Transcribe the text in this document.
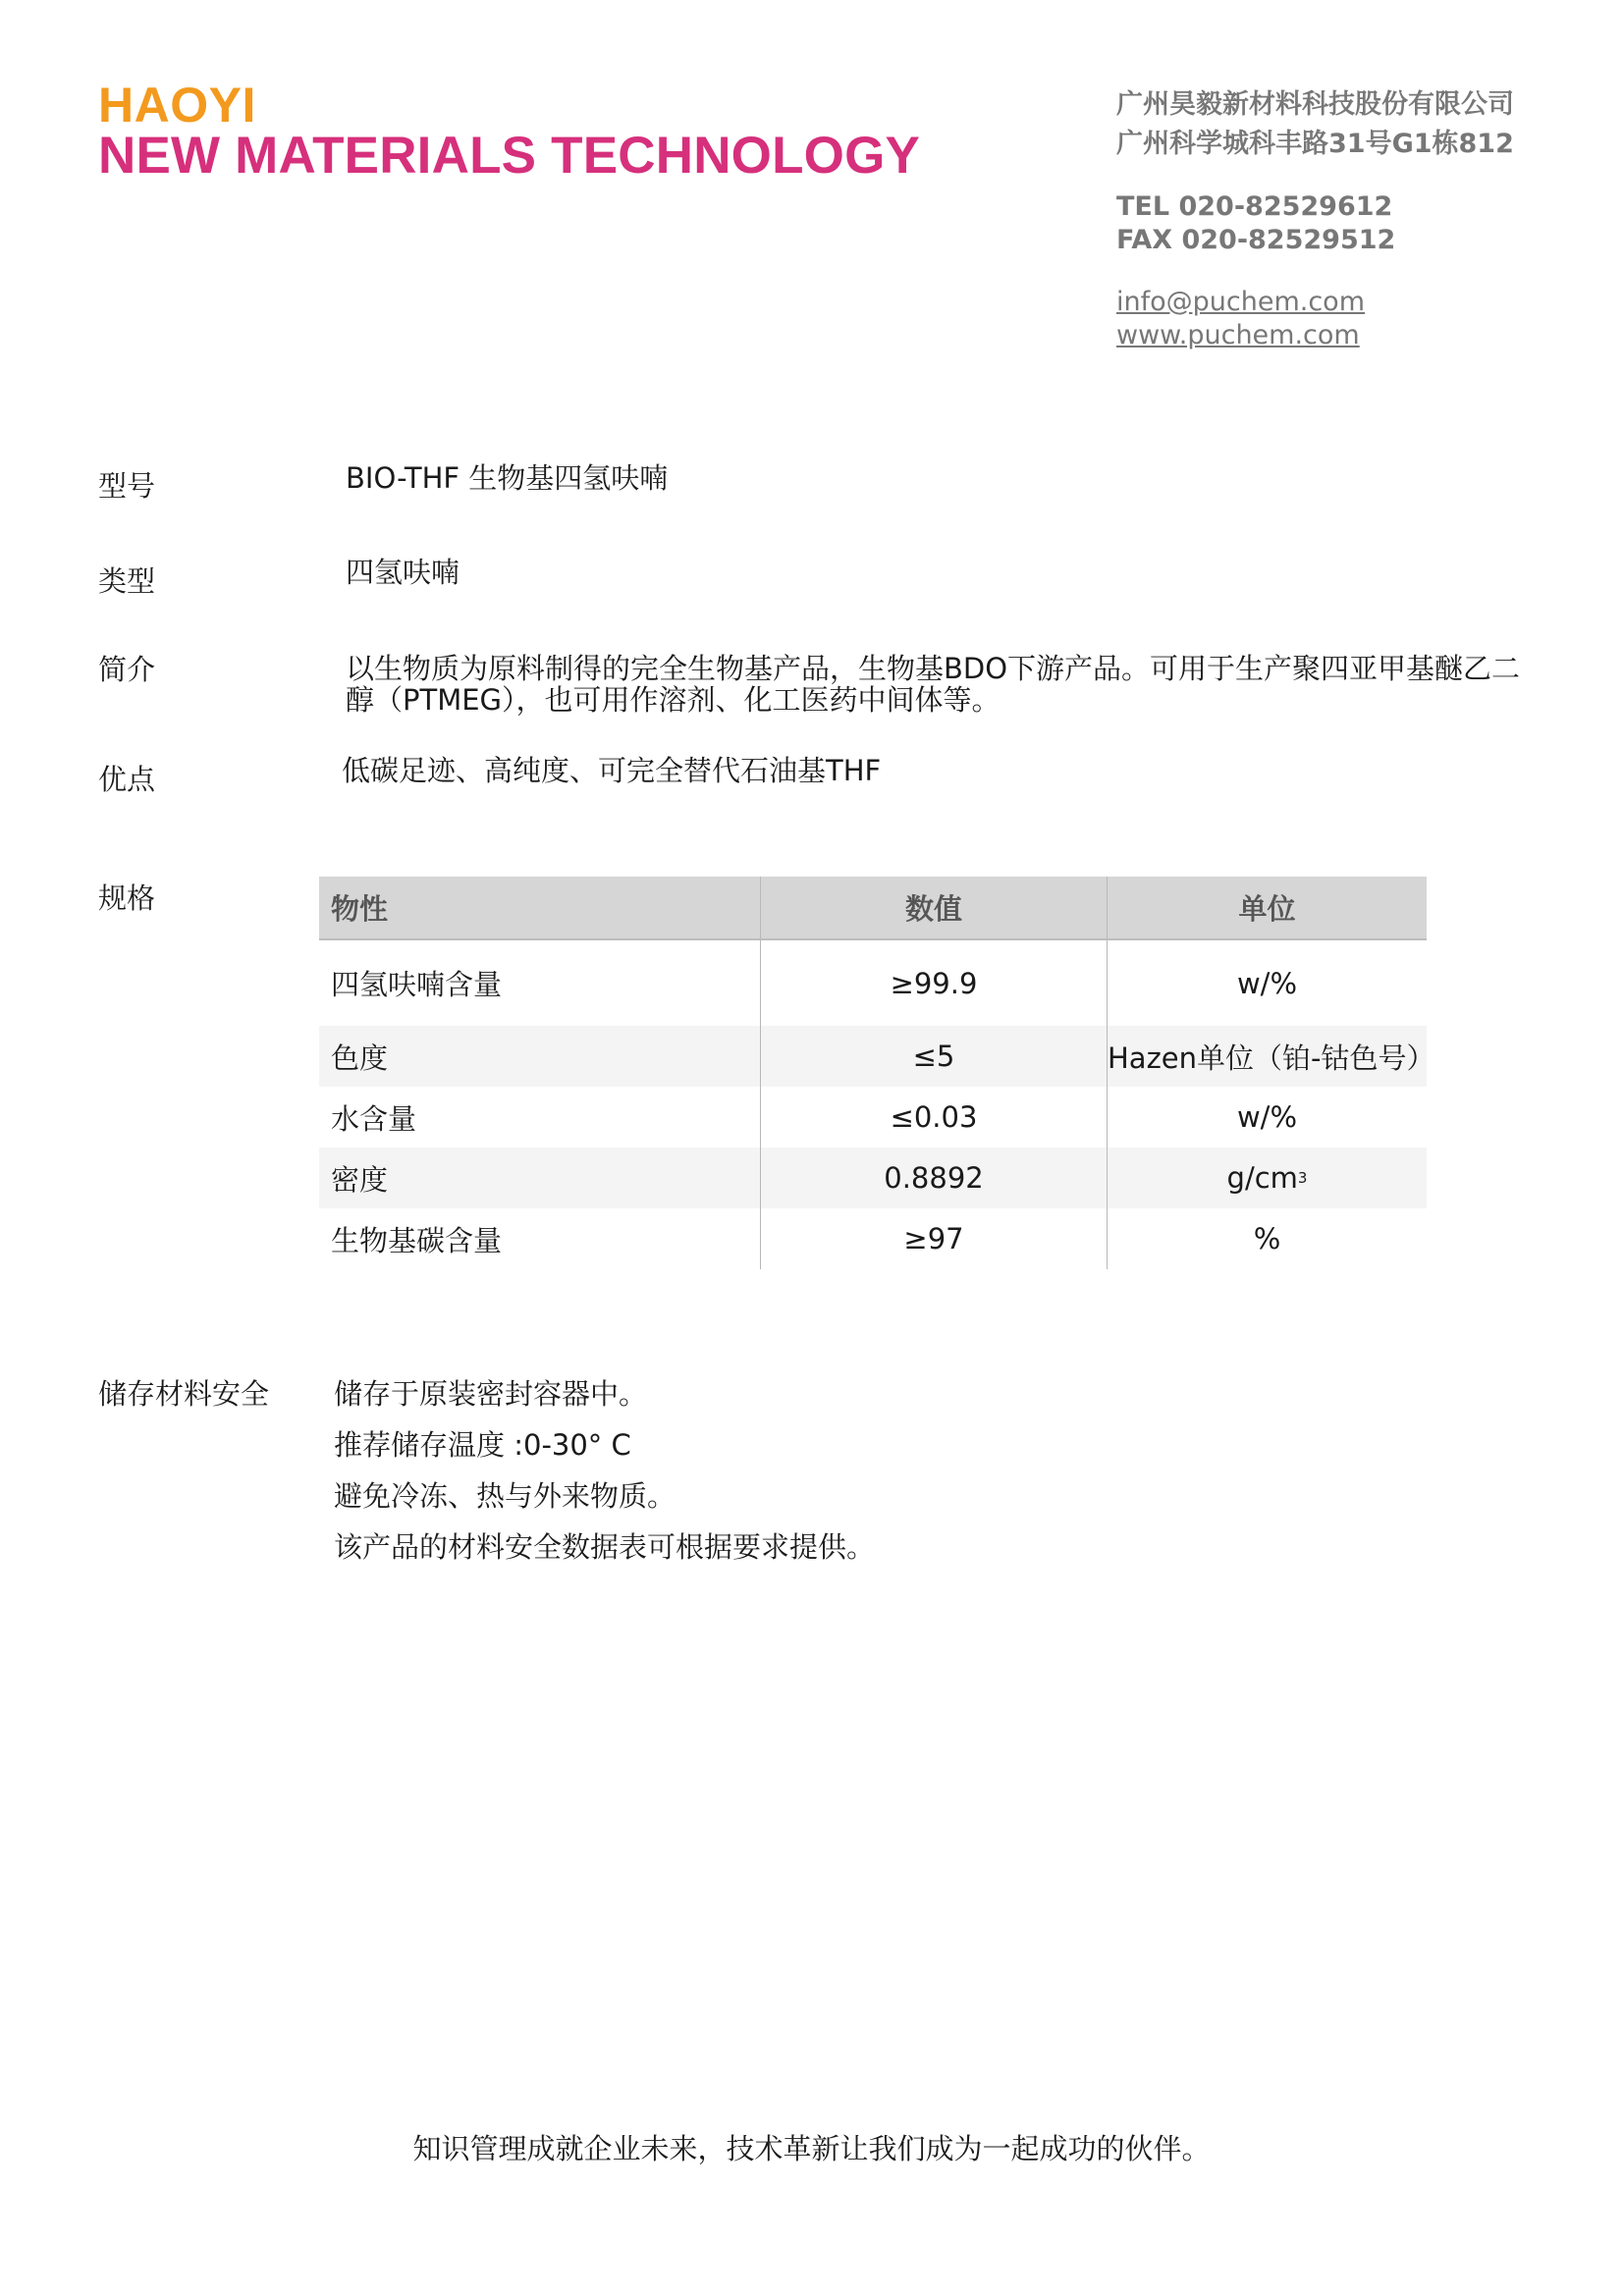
HAOYI
NEW MATERIALS TECHNOLOGY
广州昊毅新材料科技股份有限公司
广州科学城科丰路31号G1栋812
TEL 020-82529612
FAX 020-82529512
info@puchem.com
www.puchem.com
型号	BIO-THF 生物基四氢呋喃
类型	四氢呋喃
简介	以生物质为原料制得的完全生物基产品，生物基BDO下游产品。可用于生产聚四亚甲基醚乙二
醇（PTMEG），也可用作溶剂、化工医药中间体等。
优点	低碳足迹、高纯度、可完全替代石油基THF
规格	物性	数值	单位
四氢呋喃含量	≥99.9	w/%
色度	≤5	Hazen单位（铂-钴色号）
水含量	≤0.03	w/%
密度	0.8892	g/cm 3
生物基碳含量	≥97	%
储存材料安全 储存于原装密封容器中。
推荐储存温度 :0-30° C
避免冷冻、热与外来物质。
该产品的材料安全数据表可根据要求提供。
知识管理成就企业未来，技术革新让我们成为一起成功的伙伴。
